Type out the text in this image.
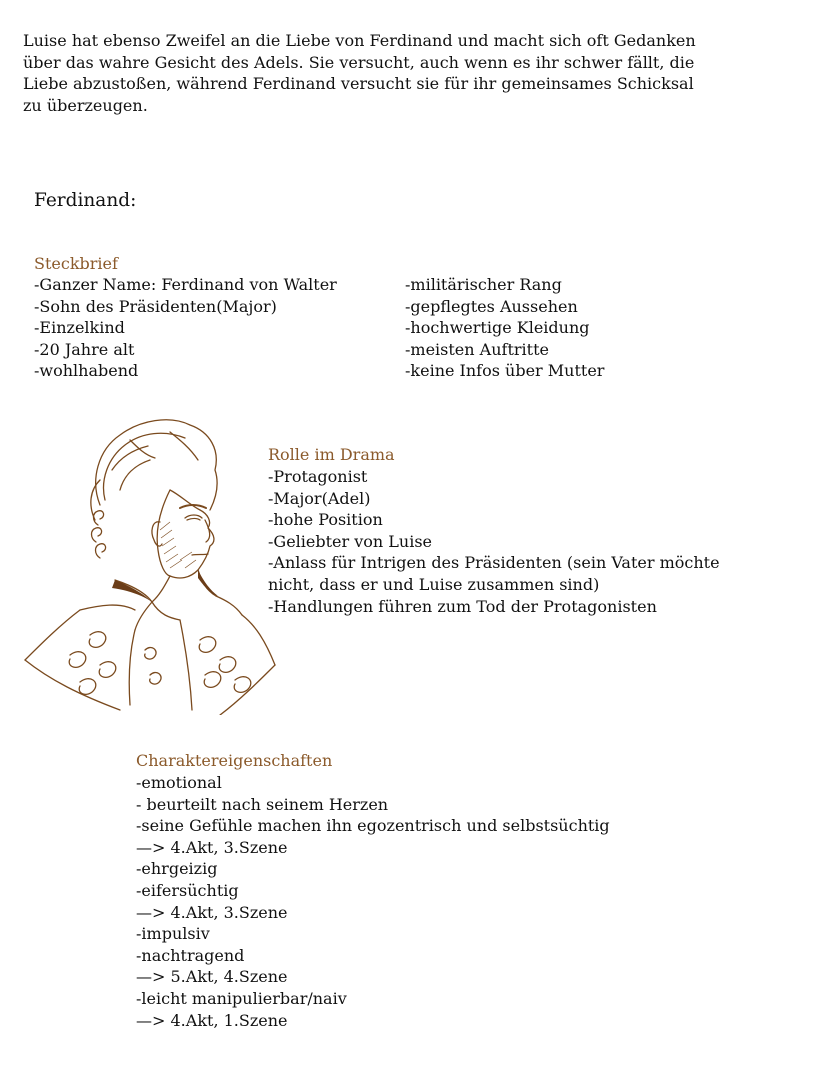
Luise hat ebenso Zweifel an die Liebe von Ferdinand und macht sich oft Gedanken
über das wahre Gesicht des Adels. Sie versucht, auch wenn es ihr schwer fällt, die
Liebe abzustoßen, während Ferdinand versucht sie für ihr gemeinsames Schicksal
zu überzeugen.
Ferdinand:
Steckbrief
-Ganzer Name: Ferdinand von Walter
-Sohn des Präsidenten(Major)
-Einzelkind
-20 Jahre alt
-wohlhabend
-militärischer Rang
-gepflegtes Aussehen
-hochwertige Kleidung
-meisten Auftritte
-keine Infos über Mutter
Rolle im Drama
-Protagonist
-Major(Adel)
-hohe Position
-Geliebter von Luise
-Anlass für Intrigen des Präsidenten (sein Vater möchte
nicht, dass er und Luise zusammen sind)
-Handlungen führen zum Tod der Protagonisten
Charaktereigenschaften
-emotional
- beurteilt nach seinem Herzen
-seine Gefühle machen ihn egozentrisch und selbstsüchtig
—> 4.Akt, 3.Szene
-ehrgeizig
-eifersüchtig
—> 4.Akt, 3.Szene
-impulsiv
-nachtragend
—> 5.Akt, 4.Szene
-leicht manipulierbar/naiv
—> 4.Akt, 1.Szene
